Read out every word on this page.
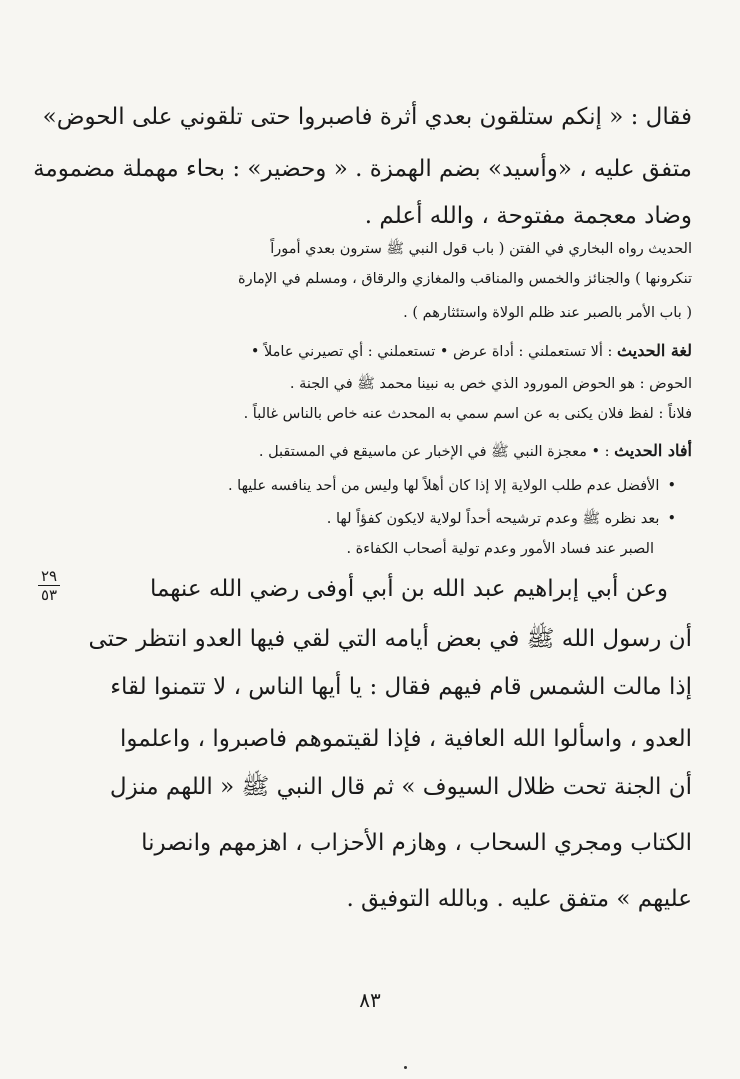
فقال : « إنكم ستلقون بعدي أثرة فاصبروا حتى تلقوني على الحوض»
متفق عليه ، «وأسيد» بضم الهمزة . « وحضير» : بحاء مهملة مضمومة
وضاد معجمة مفتوحة ، والله أعلم .
الحديث رواه البخاري في الفتن ( باب قول النبي ﷺ سترون بعدي أموراً
تنكرونها ) والجنائز والخمس والمناقب والمغازي والرقاق ، ومسلم في الإمارة
( باب الأمر بالصبر عند ظلم الولاة واستئثارهم ) .
لغة الحديث : ألا تستعملني : أداة عرض • تستعملني : أي تصيرني عاملاً •
الحوض : هو الحوض المورود الذي خص به نبينا محمد ﷺ في الجنة .
فلاناً : لفظ فلان يكنى به عن اسم سمي به المحدث عنه خاص بالناس غالباً .
أفاد الحديث : • معجزة النبي ﷺ في الإخبار عن ماسيقع في المستقبل .
• الأفضل عدم طلب الولاية إلا إذا كان أهلاً لها وليس من أحد ينافسه عليها .
• بعد نظره ﷺ وعدم ترشيحه أحداً لولاية لايكون كفؤاً لها .
الصبر عند فساد الأمور وعدم تولية أصحاب الكفاءة .
٢٩
٥٣	وعن أبي إبراهيم عبد الله بن أبي أوفى رضي الله عنهما
أن رسول الله ﷺ في بعض أيامه التي لقي فيها العدو انتظر حتى
إذا مالت الشمس قام فيهم فقال : يا أيها الناس ، لا تتمنوا لقاء
العدو ، واسألوا الله العافية ، فإذا لقيتموهم فاصبروا ، واعلموا
أن الجنة تحت ظلال السيوف » ثم قال النبي ﷺ « اللهم منزل
الكتاب ومجري السحاب ، وهازم الأحزاب ، اهزمهم وانصرنا
عليهم » متفق عليه . وبالله التوفيق .
٨٣
